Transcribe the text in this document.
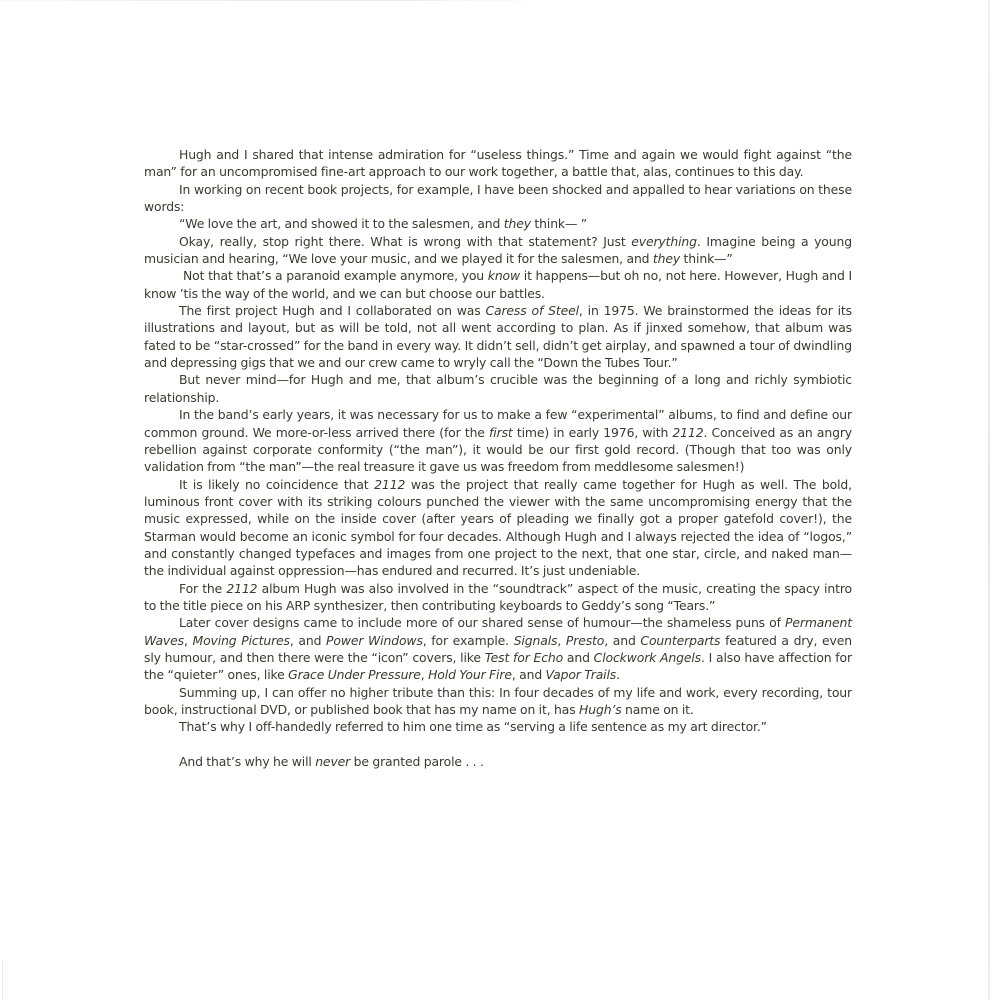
Hugh and I shared that intense admiration for “useless things.” Time and again we would fight against “the man” for an uncompromised fine-art approach to our work together, a battle that, alas, continues to this day.

In working on recent book projects, for example, I have been shocked and appalled to hear variations on these words:

“We love the art, and showed it to the salesmen, and they think— ”

Okay, really, stop right there. What is wrong with that statement? Just everything. Imagine being a young musician and hearing, “We love your music, and we played it for the salesmen, and they think—”

Not that that’s a paranoid example anymore, you know it happens—but oh no, not here. However, Hugh and I know ’tis the way of the world, and we can but choose our battles.

The first project Hugh and I collaborated on was Caress of Steel, in 1975. We brainstormed the ideas for its illustrations and layout, but as will be told, not all went according to plan. As if jinxed somehow, that album was fated to be “star-crossed” for the band in every way. It didn’t sell, didn’t get airplay, and spawned a tour of dwindling and depressing gigs that we and our crew came to wryly call the “Down the Tubes Tour.”

But never mind—for Hugh and me, that album’s crucible was the beginning of a long and richly symbiotic relationship.

In the band’s early years, it was necessary for us to make a few “experimental” albums, to find and define our common ground. We more-or-less arrived there (for the first time) in early 1976, with 2112. Conceived as an angry rebellion against corporate conformity (“the man”), it would be our first gold record. (Though that too was only validation from “the man”—the real treasure it gave us was freedom from meddlesome salesmen!)

It is likely no coincidence that 2112 was the project that really came together for Hugh as well. The bold, luminous front cover with its striking colours punched the viewer with the same uncompromising energy that the music expressed, while on the inside cover (after years of pleading we finally got a proper gatefold cover!), the Starman would become an iconic symbol for four decades. Although Hugh and I always rejected the idea of “logos,” and constantly changed typefaces and images from one project to the next, that one star, circle, and naked man—the individual against oppression—has endured and recurred. It’s just undeniable.

For the 2112 album Hugh was also involved in the “soundtrack” aspect of the music, creating the spacy intro to the title piece on his ARP synthesizer, then contributing keyboards to Geddy’s song “Tears.”

Later cover designs came to include more of our shared sense of humour—the shameless puns of Permanent Waves, Moving Pictures, and Power Windows, for example. Signals, Presto, and Counterparts featured a dry, even sly humour, and then there were the “icon” covers, like Test for Echo and Clockwork Angels. I also have affection for the “quieter” ones, like Grace Under Pressure, Hold Your Fire, and Vapor Trails.

Summing up, I can offer no higher tribute than this: In four decades of my life and work, every recording, tour book, instructional DVD, or published book that has my name on it, has Hugh’s name on it.

That’s why I off-handedly referred to him one time as “serving a life sentence as my art director.”

And that’s why he will never be granted parole . . .
